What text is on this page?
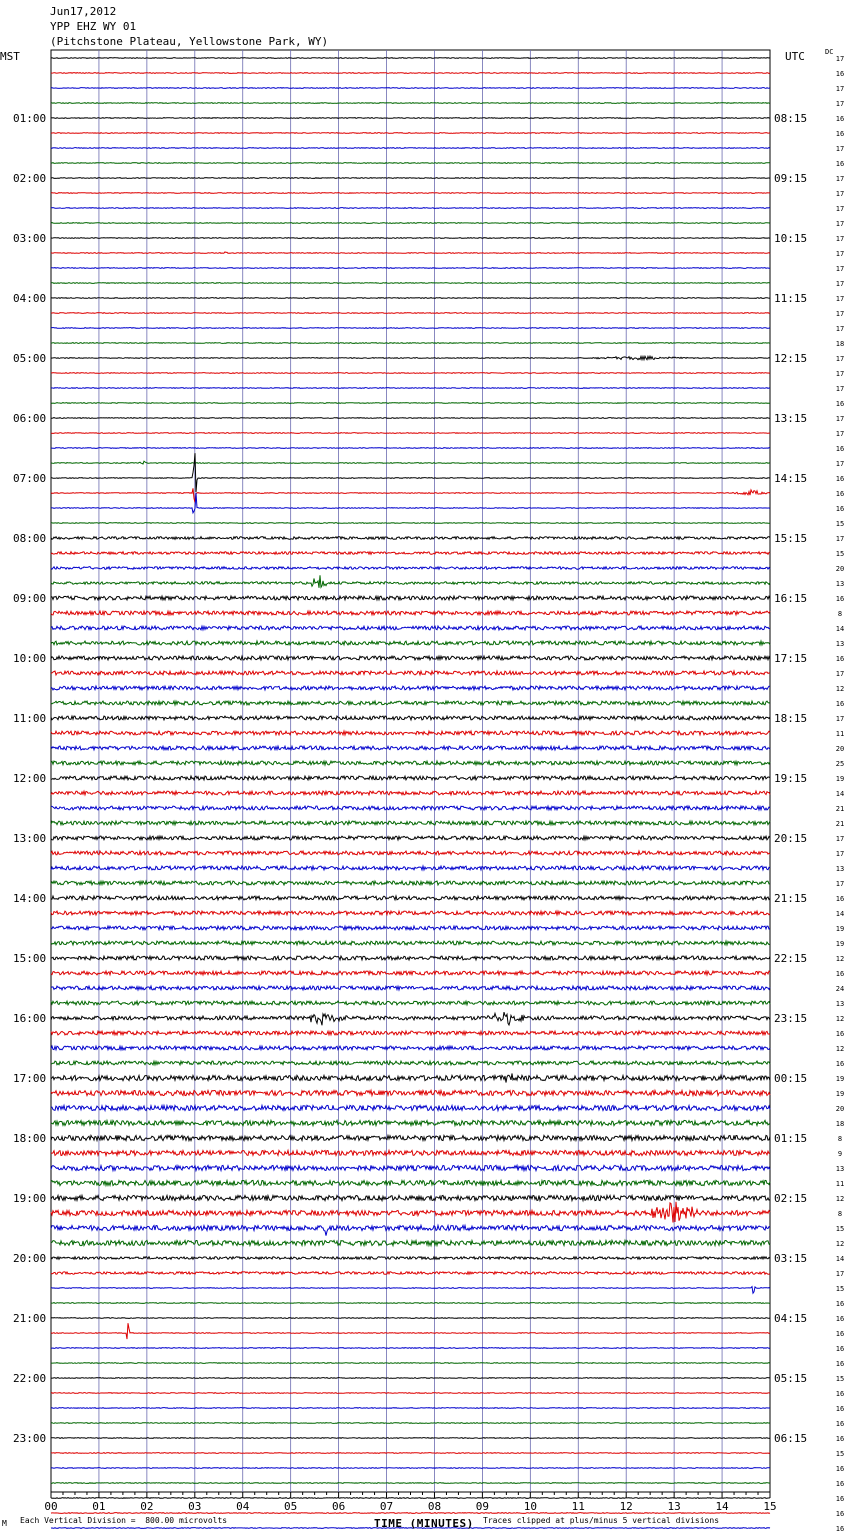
Jun17,2012
YPP EHZ WY 01
(Pitchstone Plateau, Yellowstone Park, WY)
MST	UTC	DC
00	01	02	03	04	05	06	07	08	09	10	11	12	13	14	15
17
16
17
17
16
16
17
16
17
17
17
17
17
17
17
17
17
17
17
18
17
17
17
16
17
17
16
17
16
16
16
15
17
15
20
13
16
8
14
13
16
17
12
16
17
11
20
25
19
14
21
21
17
17
13
17
16
14
19
19
12
16
24
13
12
16
12
16
19
19
20
18
8
9
13
11
12
8
15
12
14
17
15
16
16
16
16
16
15
16
16
16
16
15
16
16
16
16
16
01:00
02:00
03:00
04:00
05:00
06:00
07:00
08:00
09:00
10:00
11:00
12:00
13:00
14:00
15:00
16:00
17:00
18:00
19:00
20:00
21:00
22:00
23:00
08:15
09:15
10:15
11:15
12:15
13:15
14:15
15:15
16:15
17:15
18:15
19:15
20:15
21:15
22:15
23:15
00:15
01:15
02:15
03:15
04:15
05:15
06:15
M Each Vertical Division =  800.00 microvolts	TIME (MINUTES) Traces clipped at plus/minus 5 vertical divisions
